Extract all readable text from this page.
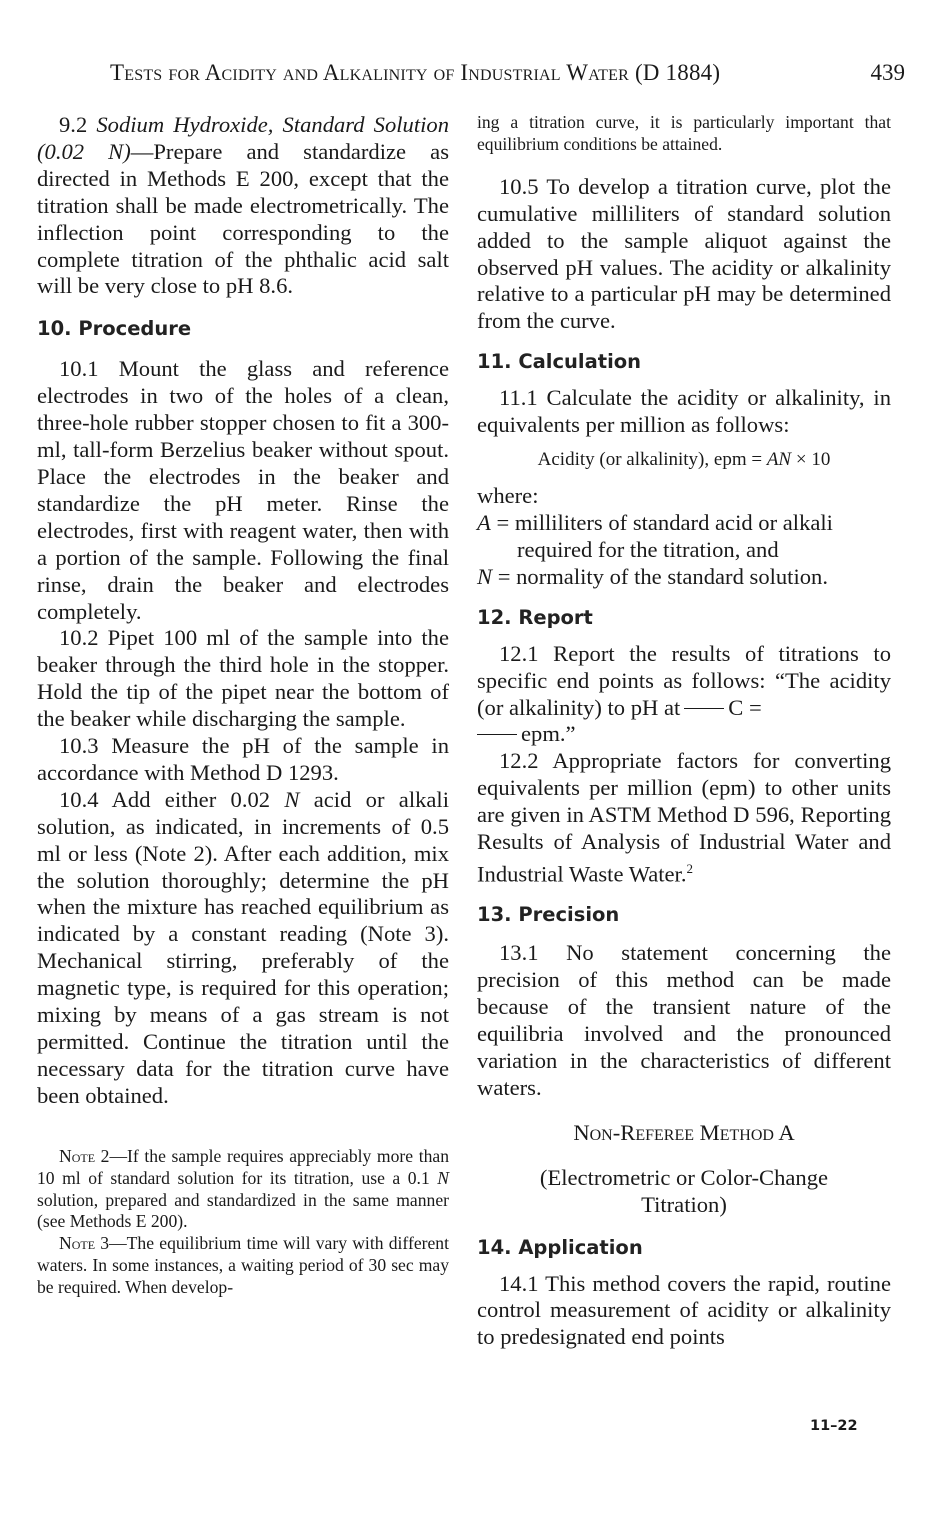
Tests for Acidity and Alkalinity of Industrial Water (D 1884)	439

9.2 Sodium Hydroxide, Standard Solution (0.02 N)—Prepare and standardize as directed in Methods E 200, except that the titration shall be made electrometrically. The inflection point corresponding to the complete titration of the phthalic acid salt will be very close to pH 8.6.

10. Procedure

10.1 Mount the glass and reference electrodes in two of the holes of a clean, three-hole rubber stopper chosen to fit a 300-ml, tall-form Berzelius beaker without spout. Place the electrodes in the beaker and standardize the pH meter. Rinse the electrodes, first with reagent water, then with a portion of the sample. Following the final rinse, drain the beaker and electrodes completely.

10.2 Pipet 100 ml of the sample into the beaker through the third hole in the stopper. Hold the tip of the pipet near the bottom of the beaker while discharging the sample.

10.3 Measure the pH of the sample in accordance with Method D 1293.

10.4 Add either 0.02 N acid or alkali solution, as indicated, in increments of 0.5 ml or less (Note 2). After each addition, mix the solution thoroughly; determine the pH when the mixture has reached equilibrium as indicated by a constant reading (Note 3). Mechanical stirring, preferably of the magnetic type, is required for this operation; mixing by means of a gas stream is not permitted. Continue the titration until the necessary data for the titration curve have been obtained.

Note 2—If the sample requires appreciably more than 10 ml of standard solution for its titration, use a 0.1 N solution, prepared and standardized in the same manner (see Methods E 200).

Note 3—The equilibrium time will vary with different waters. In some instances, a waiting period of 30 sec may be required. When develop-

ing a titration curve, it is particularly important that equilibrium conditions be attained.

10.5 To develop a titration curve, plot the cumulative milliliters of standard solution added to the sample aliquot against the observed pH values. The acidity or alkalinity relative to a particular pH may be determined from the curve.

11. Calculation

11.1 Calculate the acidity or alkalinity, in equivalents per million as follows:

Acidity (or alkalinity), epm = AN × 10

where:

A = milliliters of standard acid or alkali required for the titration, and

N = normality of the standard solution.

12. Report

12.1 Report the results of titrations to specific end points as follows: “The acidity (or alkalinity) to pH at C =
epm.”

12.2 Appropriate factors for converting equivalents per million (epm) to other units are given in ASTM Method D 596, Reporting Results of Analysis of Industrial Water and Industrial Waste Water.$^2$

13. Precision

13.1 No statement concerning the precision of this method can be made because of the transient nature of the equilibria involved and the pronounced variation in the characteristics of different waters.

Non-Referee Method A

(Electrometric or Color-Change Titration)

14. Application

14.1 This method covers the rapid, routine control measurement of acidity or alkalinity to predesignated end points

11–22
